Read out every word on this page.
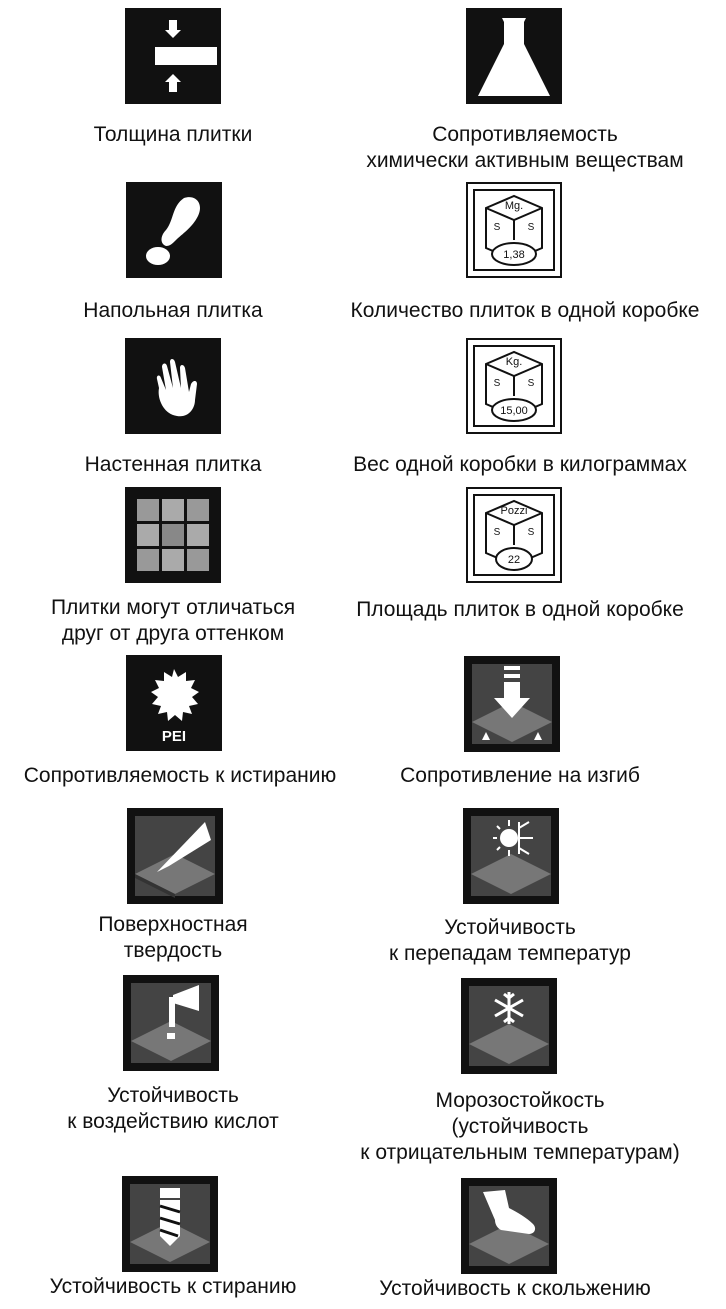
Толщина плитки
Напольная плитка
Настенная плитка
Плитки могут отличаться
друг от друга оттенком
PEI
Сопротивляемость к истиранию
Поверхностная
твердость
Устойчивость
к воздействию кислот
Устойчивость к стиранию
Сопротивляемость
химически активным веществам
Mg.
S	S
1,38
Количество плиток в одной коробке
Kg.
S	S
15,00
Вес одной коробки в килограммах
Pozzi
S	S
22
Площадь плиток в одной коробке
Сопротивление на изгиб
Устойчивость
к перепадам температур
Морозостойкость
(устойчивость
к отрицательным температурам)
Устойчивость к скольжению
